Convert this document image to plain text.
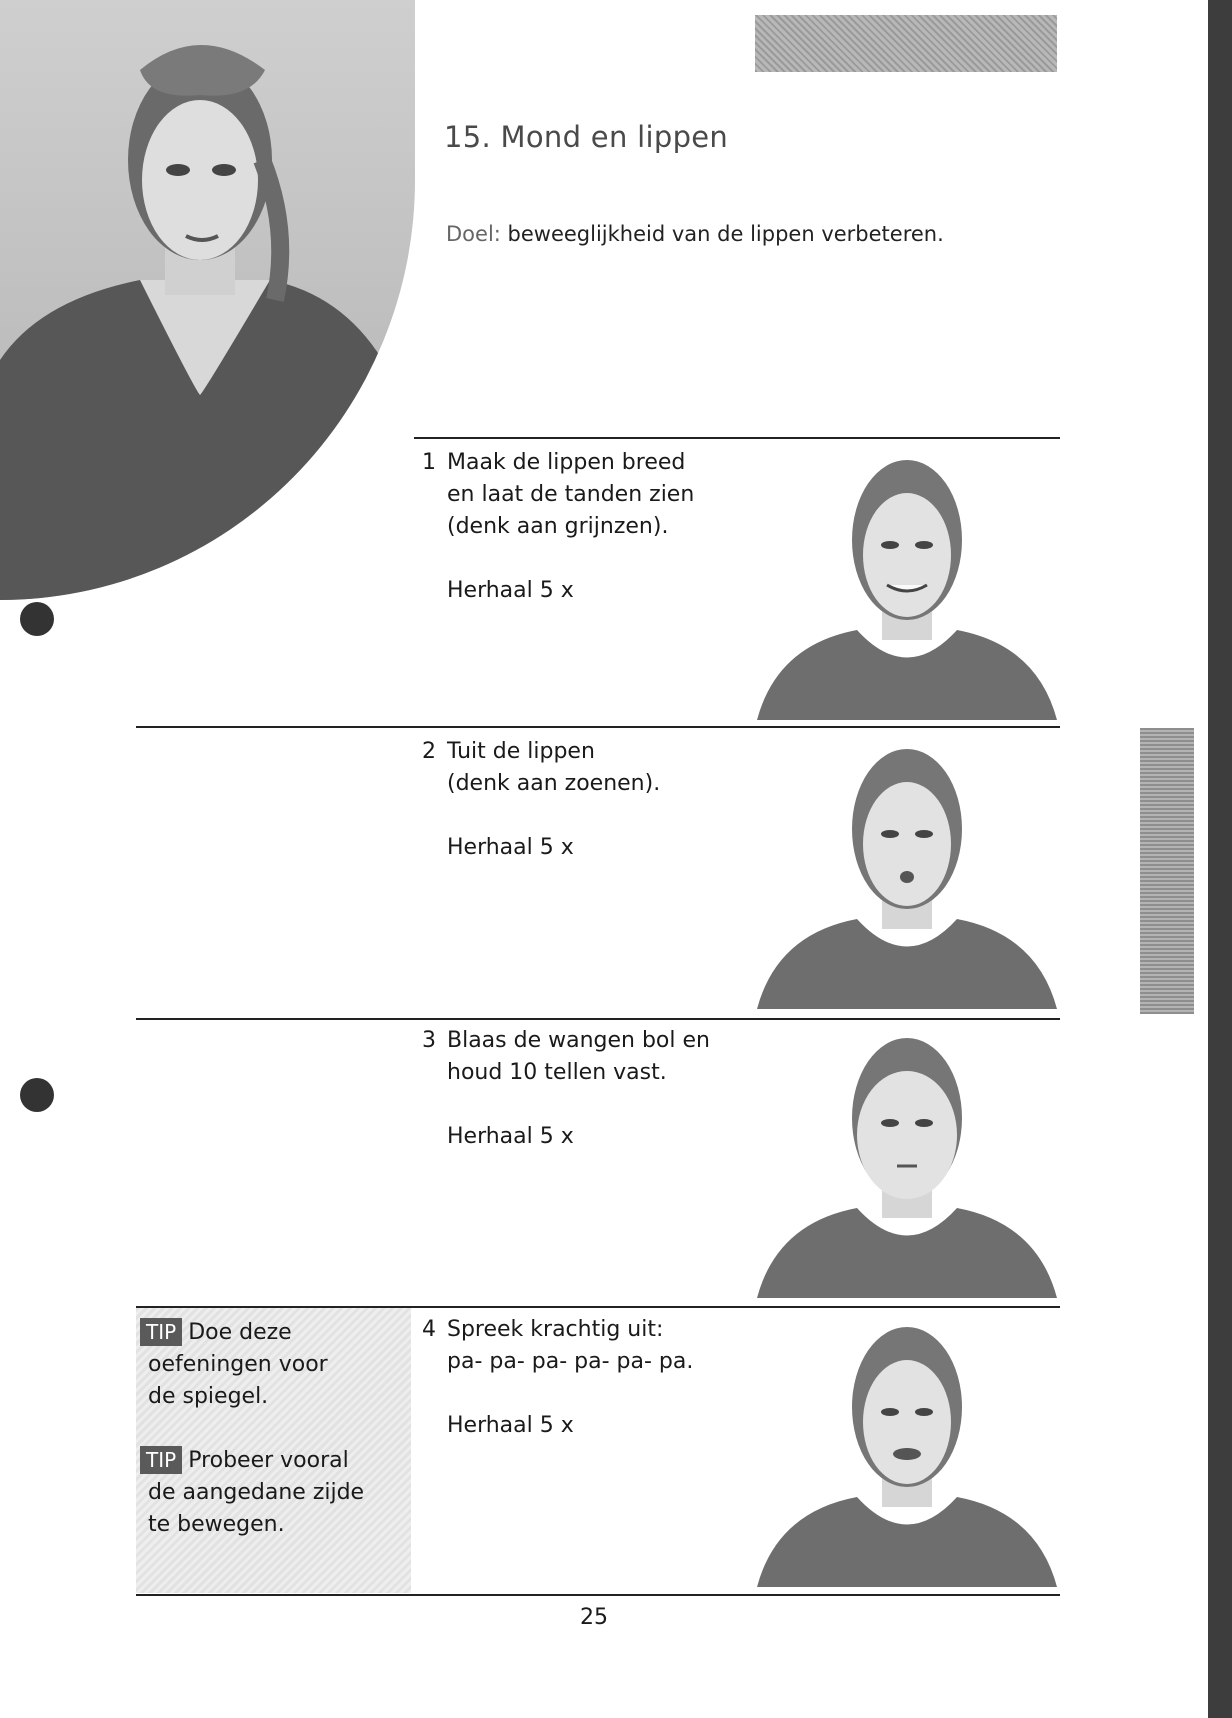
15. Mond en lippen
Doel: beweeglijkheid van de lippen verbeteren.
1 Maak de lippen breed
en laat de tanden zien
(denk aan grijnzen).
Herhaal 5 x
2 Tuit de lippen
(denk aan zoenen).
Herhaal 5 x
3 Blaas de wangen bol en
houd 10 tellen vast.
Herhaal 5 x
4 Spreek krachtig uit:
pa- pa- pa- pa- pa- pa.
Herhaal 5 x
TIP Doe deze
oefeningen voor
de spiegel.
TIP Probeer vooral
de aangedane zijde
te bewegen.
25
